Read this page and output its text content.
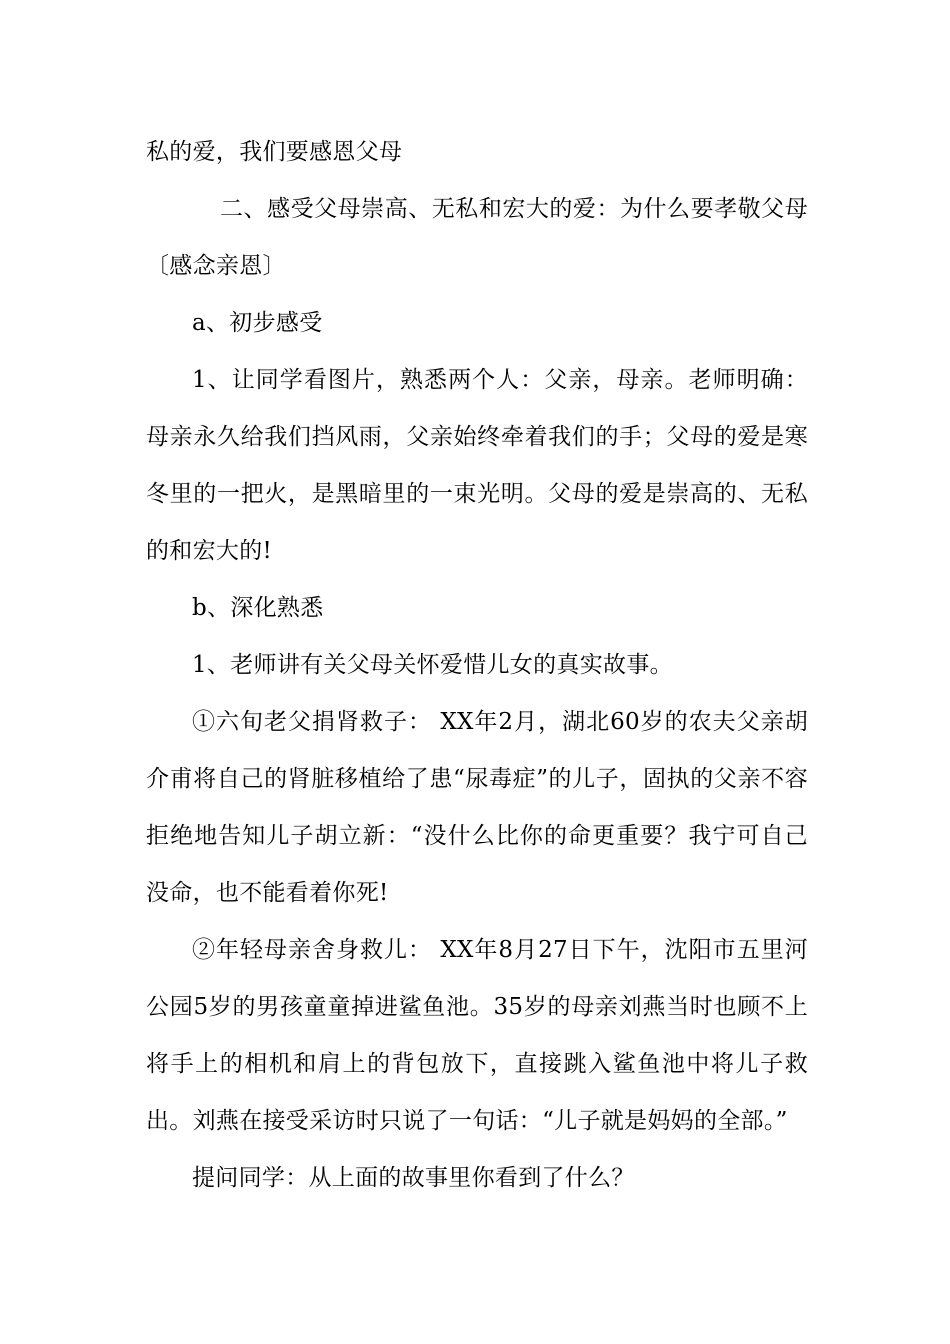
私的爱，我们要感恩父母

二、感受父母崇高、无私和宏大的爱：为什么要孝敬父母〔感念亲恩〕

a、初步感受

1、让同学看图片，熟悉两个人：父亲，母亲。老师明确：母亲永久给我们挡风雨，父亲始终牵着我们的手；父母的爱是寒冬里的一把火，是黑暗里的一束光明。父母的爱是崇高的、无私的和宏大的!

b、深化熟悉

1、老师讲有关父母关怀爱惜儿女的真实故事。

①六旬老父捐肾救子： XX年2月，湖北60岁的农夫父亲胡介甫将自己的肾脏移植给了患“尿毒症”的儿子，固执的父亲不容拒绝地告知儿子胡立新：“没什么比你的命更重要？我宁可自己没命，也不能看着你死!

②年轻母亲舍身救儿： XX年8月27日下午，沈阳市五里河公园5岁的男孩童童掉进鲨鱼池。35岁的母亲刘燕当时也顾不上将手上的相机和肩上的背包放下，直接跳入鲨鱼池中将儿子救出。刘燕在接受采访时只说了一句话：“儿子就是妈妈的全部。”

提问同学：从上面的故事里你看到了什么？
